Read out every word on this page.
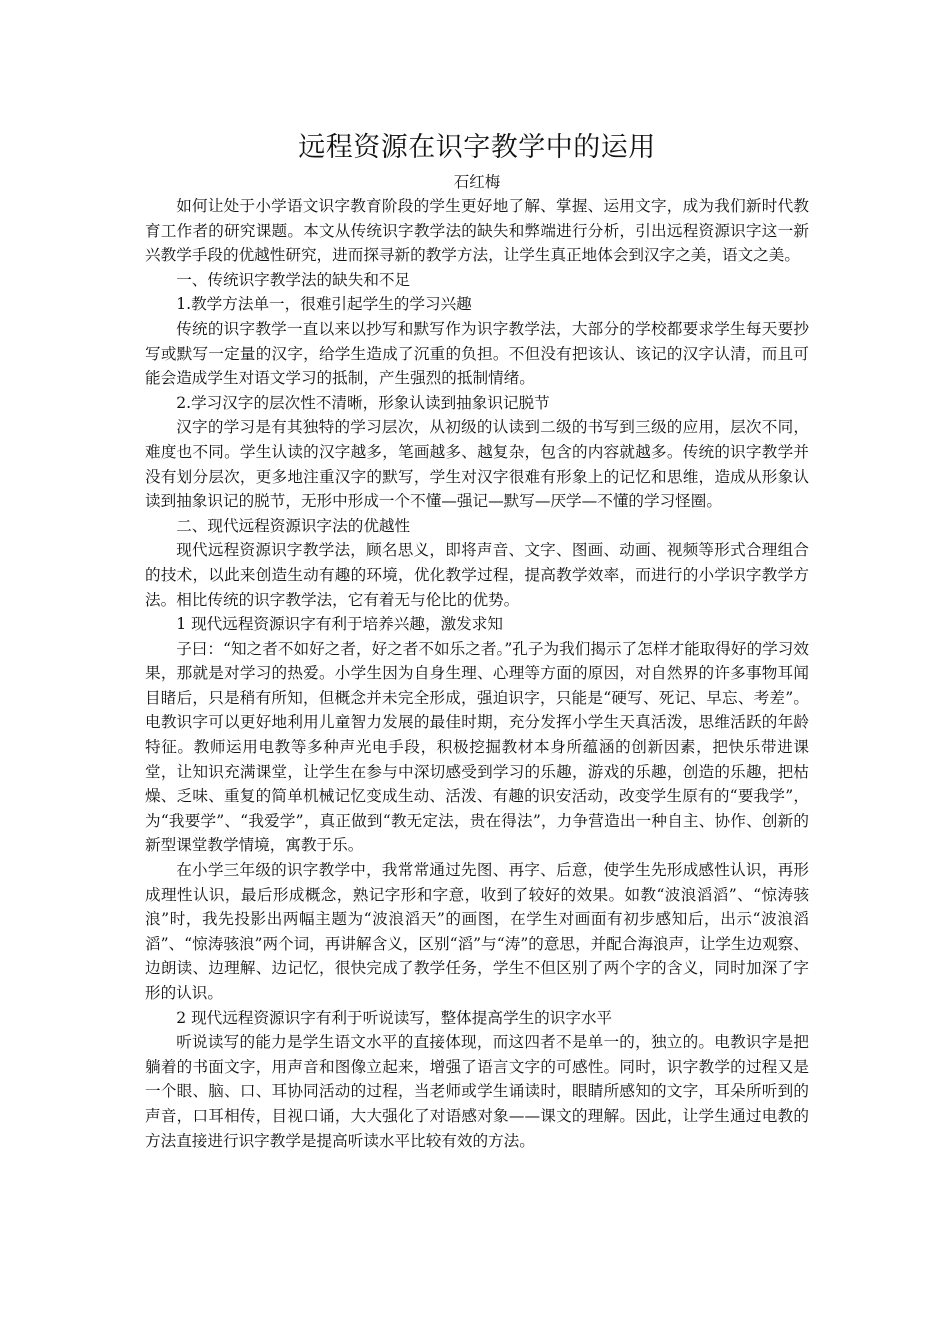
远程资源在识字教学中的运用
石红梅

如何让处于小学语文识字教育阶段的学生更好地了解、掌握、运用文字，成为我们新时代教育工作者的研究课题。本文从传统识字教学法的缺失和弊端进行分析，引出远程资源识字这一新兴教学手段的优越性研究，进而探寻新的教学方法，让学生真正地体会到汉字之美，语文之美。

一、传统识字教学法的缺失和不足

1.教学方法单一，很难引起学生的学习兴趣

传统的识字教学一直以来以抄写和默写作为识字教学法，大部分的学校都要求学生每天要抄写或默写一定量的汉字，给学生造成了沉重的负担。不但没有把该认、该记的汉字认清，而且可能会造成学生对语文学习的抵制，产生强烈的抵制情绪。

2.学习汉字的层次性不清晰，形象认读到抽象识记脱节

汉字的学习是有其独特的学习层次，从初级的认读到二级的书写到三级的应用，层次不同，难度也不同。学生认读的汉字越多，笔画越多、越复杂，包含的内容就越多。传统的识字教学并没有划分层次，更多地注重汉字的默写，学生对汉字很难有形象上的记忆和思维，造成从形象认读到抽象识记的脱节，无形中形成一个不懂—强记—默写—厌学—不懂的学习怪圈。

二、现代远程资源识字法的优越性

现代远程资源识字教学法，顾名思义，即将声音、文字、图画、动画、视频等形式合理组合的技术，以此来创造生动有趣的环境，优化教学过程，提高教学效率，而进行的小学识字教学方法。相比传统的识字教学法，它有着无与伦比的优势。

1 现代远程资源识字有利于培养兴趣，激发求知

子曰：“知之者不如好之者，好之者不如乐之者。”孔子为我们揭示了怎样才能取得好的学习效果，那就是对学习的热爱。小学生因为自身生理、心理等方面的原因，对自然界的许多事物耳闻目睹后，只是稍有所知，但概念并未完全形成，强迫识字，只能是“硬写、死记、早忘、考差”。电教识字可以更好地利用儿童智力发展的最佳时期，充分发挥小学生天真活泼，思维活跃的年龄特征。教师运用电教等多种声光电手段，积极挖掘教材本身所蕴涵的创新因素，把快乐带进课堂，让知识充满课堂，让学生在参与中深切感受到学习的乐趣，游戏的乐趣，创造的乐趣，把枯燥、乏味、重复的简单机械记忆变成生动、活泼、有趣的识安活动，改变学生原有的“要我学”，为“我要学”、“我爱学”，真正做到“教无定法，贵在得法”，力争营造出一种自主、协作、创新的新型课堂教学情境，寓教于乐。

在小学三年级的识字教学中，我常常通过先图、再字、后意，使学生先形成感性认识，再形成理性认识，最后形成概念，熟记字形和字意，收到了较好的效果。如教“波浪滔滔”、“惊涛骇浪”时，我先投影出两幅主题为“波浪滔天”的画图，在学生对画面有初步感知后，出示“波浪滔滔”、“惊涛骇浪”两个词，再讲解含义，区别“滔”与“涛”的意思，并配合海浪声，让学生边观察、边朗读、边理解、边记忆，很快完成了教学任务，学生不但区别了两个字的含义，同时加深了字形的认识。

2 现代远程资源识字有利于听说读写，整体提高学生的识字水平

听说读写的能力是学生语文水平的直接体现，而这四者不是单一的，独立的。电教识字是把躺着的书面文字，用声音和图像立起来，增强了语言文字的可感性。同时，识字教学的过程又是一个眼、脑、口、耳协同活动的过程，当老师或学生诵读时，眼睛所感知的文字，耳朵所听到的声音，口耳相传，目视口诵，大大强化了对语感对象——课文的理解。因此，让学生通过电教的方法直接进行识字教学是提高听读水平比较有效的方法。
